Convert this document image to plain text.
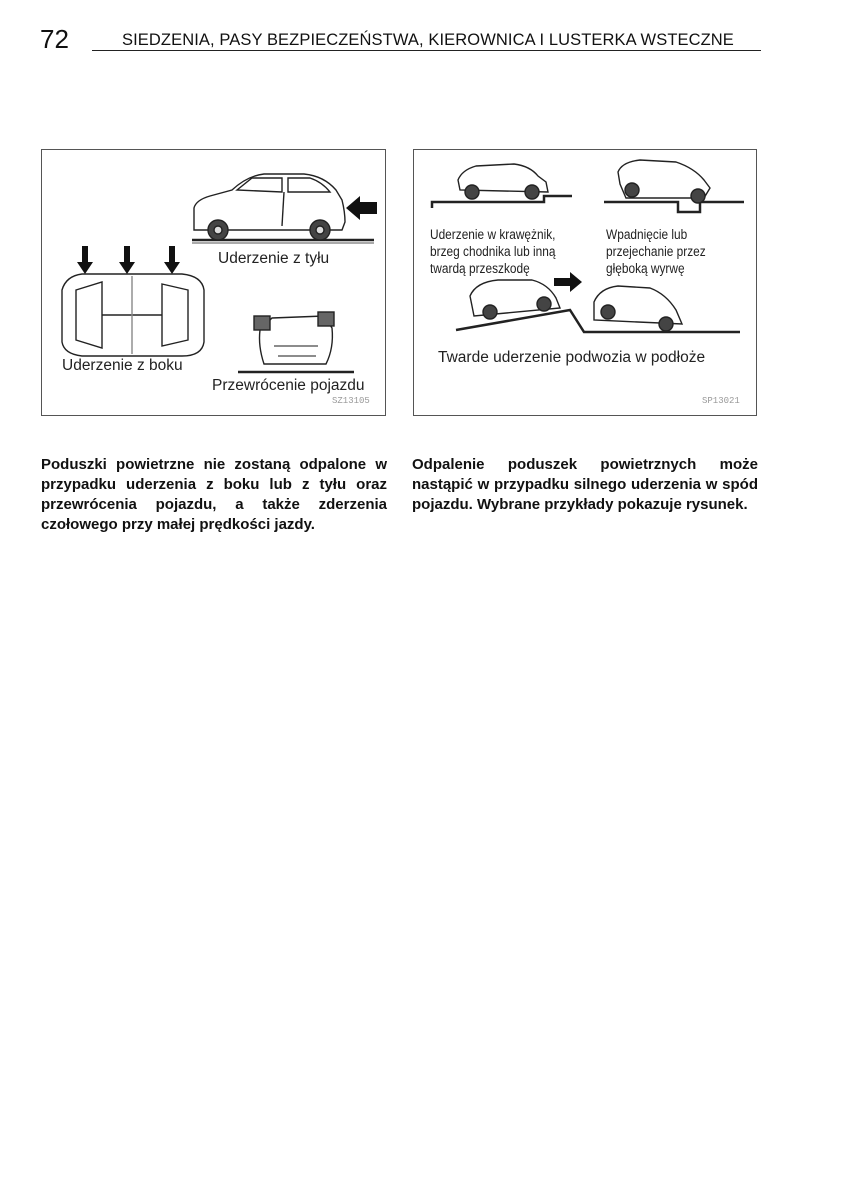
72	SIEDZENIA, PASY BEZPIECZEŃSTWA, KIEROWNICA I LUSTERKA WSTECZNE
Uderzenie z tyłu
Uderzenie z boku
Przewrócenie pojazdu
SZ13105
Uderzenie w krawężnik,
brzeg chodnika lub inną
twardą przeszkodę
Wpadnięcie lub
przejechanie przez
głęboką wyrwę
Twarde uderzenie podwozia w podłoże
SP13021

Poduszki powietrzne nie zostaną odpalone w przypadku uderzenia z boku lub z tyłu oraz przewrócenia pojazdu, a także zderzenia czołowego przy małej prędkości jazdy.

Odpalenie poduszek powietrznych może nastąpić w przypadku silnego uderzenia w spód pojazdu. Wybrane przykłady pokazuje rysunek.
